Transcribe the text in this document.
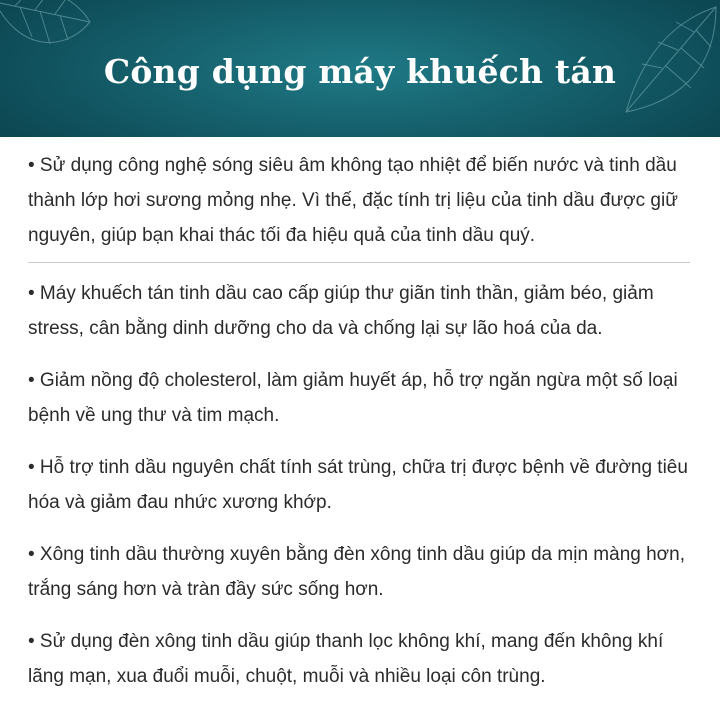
Công dụng máy khuếch tán

• Sử dụng công nghệ sóng siêu âm không tạo nhiệt để biến nước và tinh dầu thành lớp hơi sương mỏng nhẹ. Vì thế, đặc tính trị liệu của tinh dầu được giữ nguyên, giúp bạn khai thác tối đa hiệu quả của tinh dầu quý.

• Máy khuếch tán tinh dầu cao cấp giúp thư giãn tinh thần, giảm béo, giảm stress, cân bằng dinh dưỡng cho da và chống lại sự lão hoá của da.

• Giảm nồng độ cholesterol, làm giảm huyết áp, hỗ trợ ngăn ngừa một số loại bệnh về ung thư và tim mạch.

• Hỗ trợ tinh dầu nguyên chất tính sát trùng, chữa trị được bệnh về đường tiêu hóa và giảm đau nhức xương khớp.

• Xông tinh dầu thường xuyên bằng đèn xông tinh dầu giúp da mịn màng hơn, trắng sáng hơn và tràn đầy sức sống hơn.

• Sử dụng đèn xông tinh dầu giúp thanh lọc không khí, mang đến không khí lãng mạn, xua đuổi muỗi, chuột, muỗi và nhiều loại côn trùng.
